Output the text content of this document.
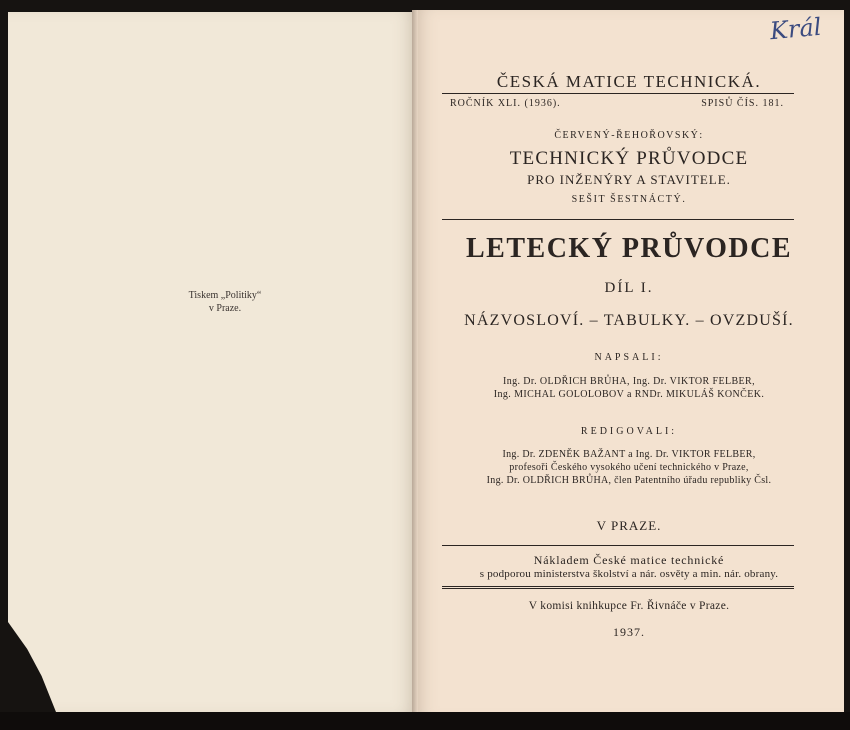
Tiskem „Politiky“
v Praze.
Král
ČESKÁ MATICE TECHNICKÁ.
ROČNÍK XLI. (1936).	SPISŮ ČÍS. 181.
ČERVENÝ-ŘEHOŘOVSKÝ:
TECHNICKÝ PRŮVODCE
PRO INŽENÝRY A STAVITELE.
SEŠIT ŠESTNÁCTÝ.
LETECKÝ PRŮVODCE
DÍL I.
NÁZVOSLOVÍ. – TABULKY. – OVZDUŠÍ.
NAPSALI:
Ing. Dr. OLDŘICH BRŮHA, Ing. Dr. VIKTOR FELBER,
Ing. MICHAL GOLOLOBOV a RNDr. MIKULÁŠ KONČEK.
REDIGOVALI:
Ing. Dr. ZDENĚK BAŽANT a Ing. Dr. VIKTOR FELBER,
profesoři Českého vysokého učení technického v Praze,
Ing. Dr. OLDŘICH BRŮHA, člen Patentního úřadu republiky Čsl.
V PRAZE.
Nákladem České matice technické
s podporou ministerstva školství a nár. osvěty a min. nár. obrany.
V komisi knihkupce Fr. Řivnáče v Praze.
1937.
